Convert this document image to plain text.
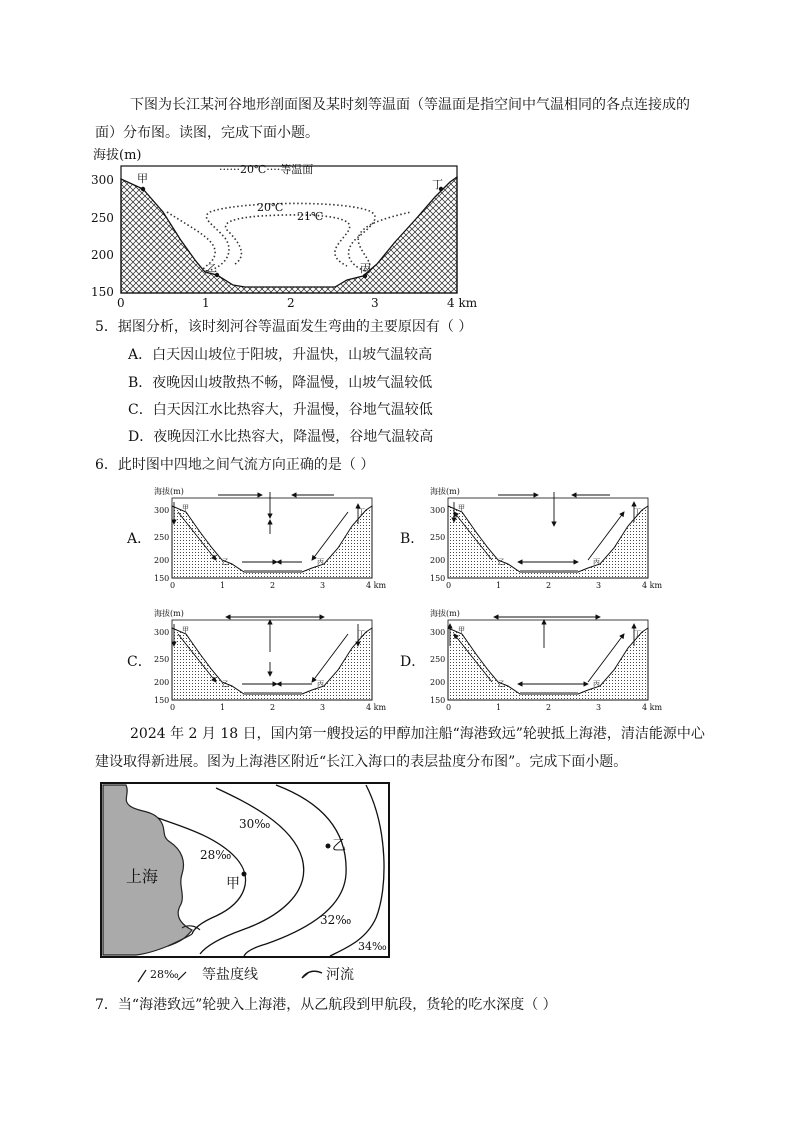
下图为长江某河谷地形剖面图及某时刻等温面（等温面是指空间中气温相同的各点连接成的
面）分布图。读图，完成下面小题。
海拔(m)
300
250
200
150
······20℃····等温面
20℃
21℃
甲
乙	丙
丁
0	1	2	3	4 km
5．据图分析，该时刻河谷等温面发生弯曲的主要原因有（ ）
A．白天因山坡位于阳坡，升温快，山坡气温较高
B．夜晚因山坡散热不畅，降温慢，山坡气温较低
C．白天因江水比热容大，升温慢，谷地气温较低
D．夜晚因江水比热容大，降温慢，谷地气温较高
6．此时图中四地之间气流方向正确的是（ ）
A．	B．
C．	D．
海拔(m)
300
250
200
150
甲
乙	丙
丁
0	1	2	3	4 km
海拔(m)
300
250
200
150
甲
乙	丙
丁
0	1	2	3	4 km
海拔(m)
300
250
200
150
甲
乙	丙
丁
0	1	2	3	4 km
海拔(m)
300
250
200
150
甲
乙	丙
丁
0	1	2	3	4 km
2024 年 2 月 18 日，国内第一艘投运的甲醇加注船“海港致远”轮驶抵上海港，清洁能源中心
建设取得新进展。图为上海港区附近“长江入海口的表层盐度分布图”。完成下面小题。
30‰
28‰
32‰
34‰
上海	甲
乙
28‰ 等盐度线	河流
7．当“海港致远”轮驶入上海港，从乙航段到甲航段，货轮的吃水深度（ ）
